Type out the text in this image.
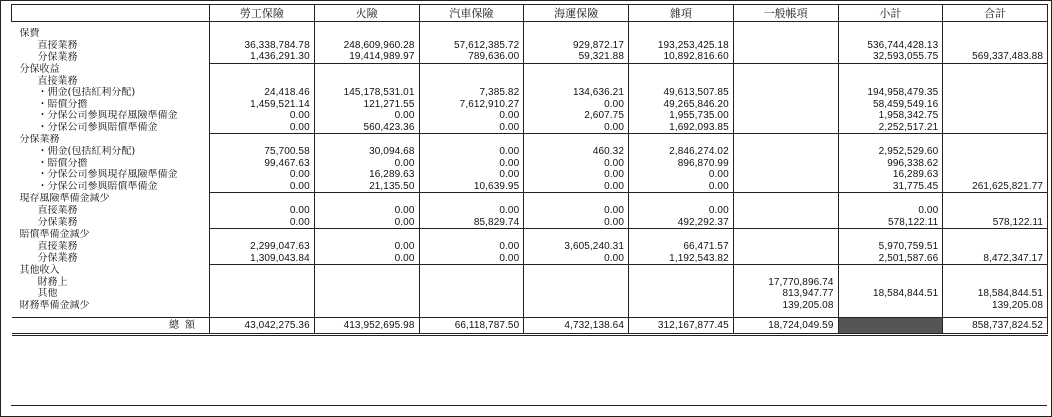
	勞工保險	火險	汽車保險	海運保險	雜項	一般帳項	小計	合計

保費								
直接業務	36,338,784.78	248,609,960.28	57,612,385.72	929,872.17	193,253,425.18		536,744,428.13	
分保業務	1,436,291.30	19,414,989.97	789,636.00	59,321.88	10,892,816.60		32,593,055.75	569,337,483.88
分保收益								
直接業務								
・佣金(包括紅利分配)	24,418.46	145,178,531.01	7,385.82	134,636.21	49,613,507.85		194,958,479.35	
・賠償分擔	1,459,521.14	121,271.55	7,612,910.27	0.00	49,265,846.20		58,459,549.16	
・分保公司參與現存風險準備金	0.00	0.00	0.00	2,607.75	1,955,735.00		1,958,342.75	
・分保公司參與賠償準備金	0.00	560,423.36	0.00	0.00	1,692,093.85		2,252,517.21	
分保業務								
・佣金(包括紅利分配)	75,700.58	30,094.68	0.00	460.32	2,846,274.02		2,952,529.60	
・賠償分擔	99,467.63	0.00	0.00	0.00	896,870.99		996,338.62	
・分保公司參與現存風險準備金	0.00	16,289.63	0.00	0.00	0.00		16,289.63	
・分保公司參與賠償準備金	0.00	21,135.50	10,639.95	0.00	0.00		31,775.45	261,625,821.77
現存風險準備金減少								
直接業務	0.00	0.00	0.00	0.00	0.00		0.00	
分保業務	0.00	0.00	85,829.74	0.00	492,292.37		578,122.11	578,122.11
賠償準備金減少								
直接業務	2,299,047.63	0.00	0.00	3,605,240.31	66,471.57		5,970,759.51	
分保業務	1,309,043.84	0.00	0.00	0.00	1,192,543.82		2,501,587.66	8,472,347.17
其他收入								
財務上						17,770,896.74		
其他						813,947.77	18,584,844.51	18,584,844.51
財務準備金減少						139,205.08		139,205.08

總額	43,042,275.36	413,952,695.98	66,118,787.50	4,732,138.64	312,167,877.45	18,724,049.59		858,737,824.52
